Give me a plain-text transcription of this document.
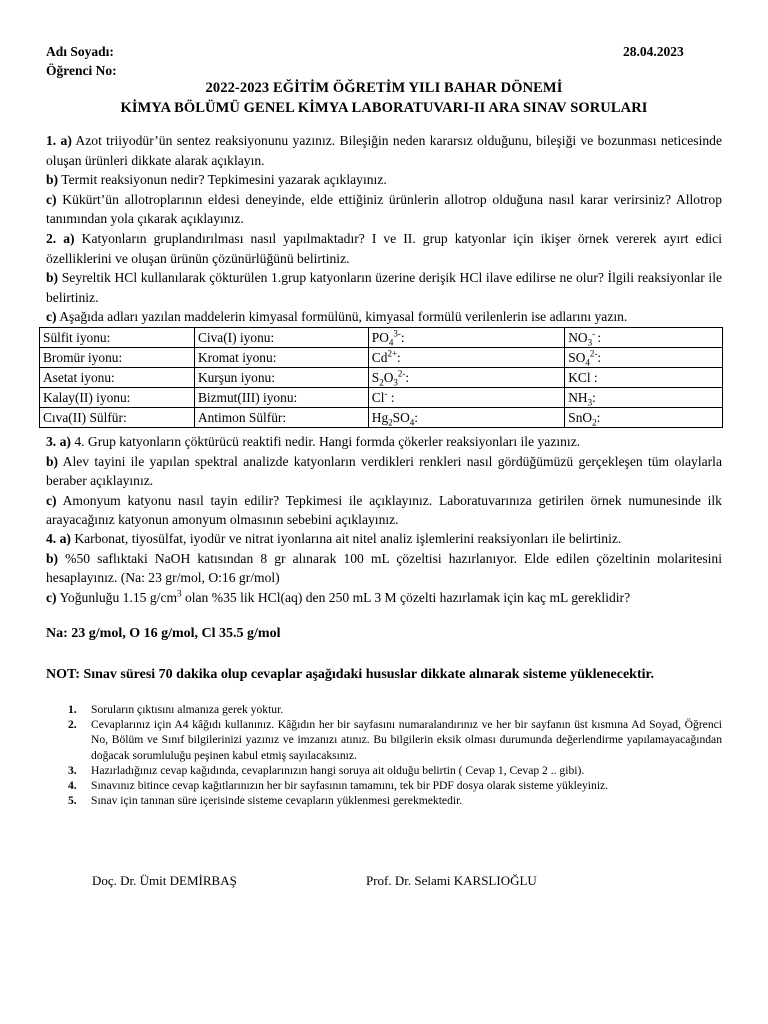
Adı Soyadı:
Öğrenci No:
28.04.2023
2022-2023 EĞİTİM ÖĞRETİM YILI BAHAR DÖNEMİ
KİMYA BÖLÜMÜ GENEL KİMYA LABORATUVARI-II ARA SINAV SORULARI
1. a) Azot triiyodür’ün sentez reaksiyonunu yazınız. Bileşiğin neden kararsız olduğunu, bileşiği ve bozunması neticesinde oluşan ürünleri dikkate alarak açıklayın.
b) Termit reaksiyonun nedir? Tepkimesini yazarak açıklayınız.
c) Kükürt’ün allotroplarının eldesi deneyinde, elde ettiğiniz ürünlerin allotrop olduğuna nasıl karar verirsiniz? Allotrop tanımından yola çıkarak açıklayınız.
2. a) Katyonların gruplandırılması nasıl yapılmaktadır? I ve II. grup katyonlar için ikişer örnek vererek ayırt edici özelliklerini ve oluşan ürünün çözünürlüğünü belirtiniz.
b) Seyreltik HCl kullanılarak çökturülen 1.grup katyonların üzerine derişik HCl ilave edilirse ne olur? İlgili reaksiyonlar ile belirtiniz.
c) Aşağıda adları yazılan maddelerin kimyasal formülünü, kimyasal formülü verilenlerin ise adlarını yazın.
Sülfit iyonu:	Civa(I) iyonu:	$PO_4^{3-}$:	$NO_3^-$ :
Bromür iyonu:	Kromat iyonu:	$Cd^{2+}$:	$SO_4^{2-}$:
Asetat iyonu:	Kurşun iyonu:	$S_2O_3^{2-}$:	KCl :
Kalay(II) iyonu:	Bizmut(III) iyonu:	Cl- :	$NH_3$:
Cıva(II) Sülfür:	Antimon Sülfür:	$Hg_2SO_4$:	SnO$_2$:
3. a) 4. Grup katyonların çöktürücü reaktifi nedir. Hangi formda çökerler reaksiyonları ile yazınız.
b) Alev tayini ile yapılan spektral analizde katyonların verdikleri renkleri nasıl gördüğümüzü gerçekleşen tüm olaylarla beraber açıklayınız.
c) Amonyum katyonu nasıl tayin edilir? Tepkimesi ile açıklayınız. Laboratuvarınıza getirilen örnek numunesinde ilk arayacağınız katyonun amonyum olmasının sebebini açıklayınız.
4. a) Karbonat, tiyosülfat, iyodür ve nitrat iyonlarına ait nitel analiz işlemlerini reaksiyonları ile belirtiniz.
b) %50 saflıktaki NaOH katısından 8 gr alınarak 100 mL çözeltisi hazırlanıyor. Elde edilen çözeltinin molaritesini hesaplayınız. (Na: 23 gr/mol, O:16 gr/mol)
c) Yoğunluğu 1.15 $g/cm^3$ olan %35 lik HCl(aq) den 250 mL 3 M çözelti hazırlamak için kaç mL gereklidir?
Na: 23 g/mol, O 16 g/mol, Cl 35.5 g/mol
NOT: Sınav süresi 70 dakika olup cevaplar aşağıdaki hususlar dikkate alınarak sisteme yüklenecektir.
1. Soruların çıktısını almanıza gerek yoktur.
2. Cevaplarınız için A4 kâğıdı kullanınız. Kâğıdın her bir sayfasını numaralandırınız ve her bir sayfanın üst kısmına Ad Soyad, Öğrenci No, Bölüm ve Sınıf bilgilerinizi yazınız ve imzanızı atınız. Bu bilgilerin eksik olması durumunda değerlendirme yapılamayacağından doğacak sorumluluğu peşinen kabul etmiş sayılacaksınız.
3. Hazırladığınız cevap kağıdında, cevaplarınızın hangi soruya ait olduğu belirtin ( Cevap 1, Cevap 2 .. gibi).
4. Sınavınız bitince cevap kağıtlarınızın her bir sayfasının tamamını, tek bir PDF dosya olarak sisteme yükleyiniz.
5. Sınav için tanınan süre içerisinde sisteme cevapların yüklenmesi gerekmektedir.
Doç. Dr. Ümit DEMİRBAŞ	Prof. Dr. Selami KARSLIOĞLU
